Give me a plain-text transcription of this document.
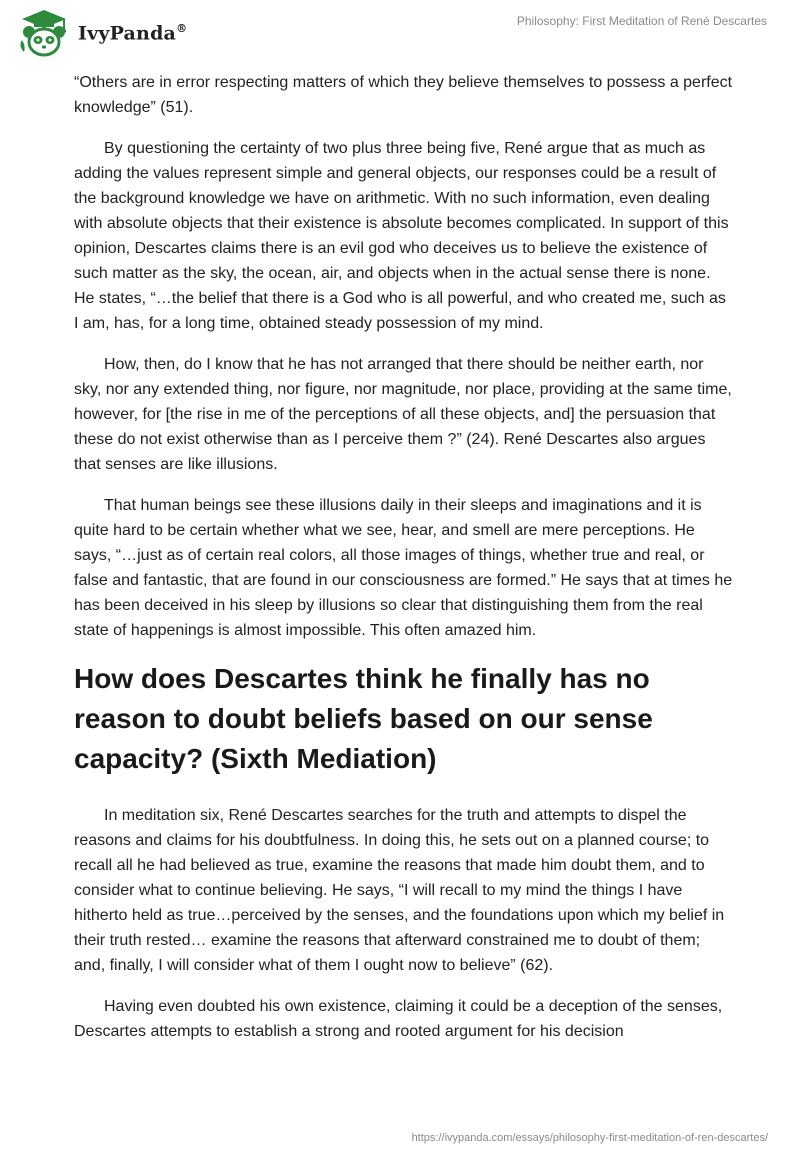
IvyPanda®
Philosophy: First Meditation of René Descartes

“Others are in error respecting matters of which they believe themselves to possess a perfect knowledge” (51).

By questioning the certainty of two plus three being five, René argue that as much as adding the values represent simple and general objects, our responses could be a result of the background knowledge we have on arithmetic. With no such information, even dealing with absolute objects that their existence is absolute becomes complicated. In support of this opinion, Descartes claims there is an evil god who deceives us to believe the existence of such matter as the sky, the ocean, air, and objects when in the actual sense there is none. He states, “…the belief that there is a God who is all powerful, and who created me, such as I am, has, for a long time, obtained steady possession of my mind.

How, then, do I know that he has not arranged that there should be neither earth, nor sky, nor any extended thing, nor figure, nor magnitude, nor place, providing at the same time, however, for [the rise in me of the perceptions of all these objects, and] the persuasion that these do not exist otherwise than as I perceive them ?” (24). René Descartes also argues that senses are like illusions.

That human beings see these illusions daily in their sleeps and imaginations and it is quite hard to be certain whether what we see, hear, and smell are mere perceptions. He says, “…just as of certain real colors, all those images of things, whether true and real, or false and fantastic, that are found in our consciousness are formed.” He says that at times he has been deceived in his sleep by illusions so clear that distinguishing them from the real state of happenings is almost impossible. This often amazed him.

How does Descartes think he finally has no reason to doubt beliefs based on our sense capacity? (Sixth Mediation)

In meditation six, René Descartes searches for the truth and attempts to dispel the reasons and claims for his doubtfulness. In doing this, he sets out on a planned course; to recall all he had believed as true, examine the reasons that made him doubt them, and to consider what to continue believing. He says, “I will recall to my mind the things I have hitherto held as true…perceived by the senses, and the foundations upon which my belief in their truth rested… examine the reasons that afterward constrained me to doubt of them; and, finally, I will consider what of them I ought now to believe” (62).

Having even doubted his own existence, claiming it could be a deception of the senses, Descartes attempts to establish a strong and rooted argument for his decision

https://ivypanda.com/essays/philosophy-first-meditation-of-ren-descartes/
